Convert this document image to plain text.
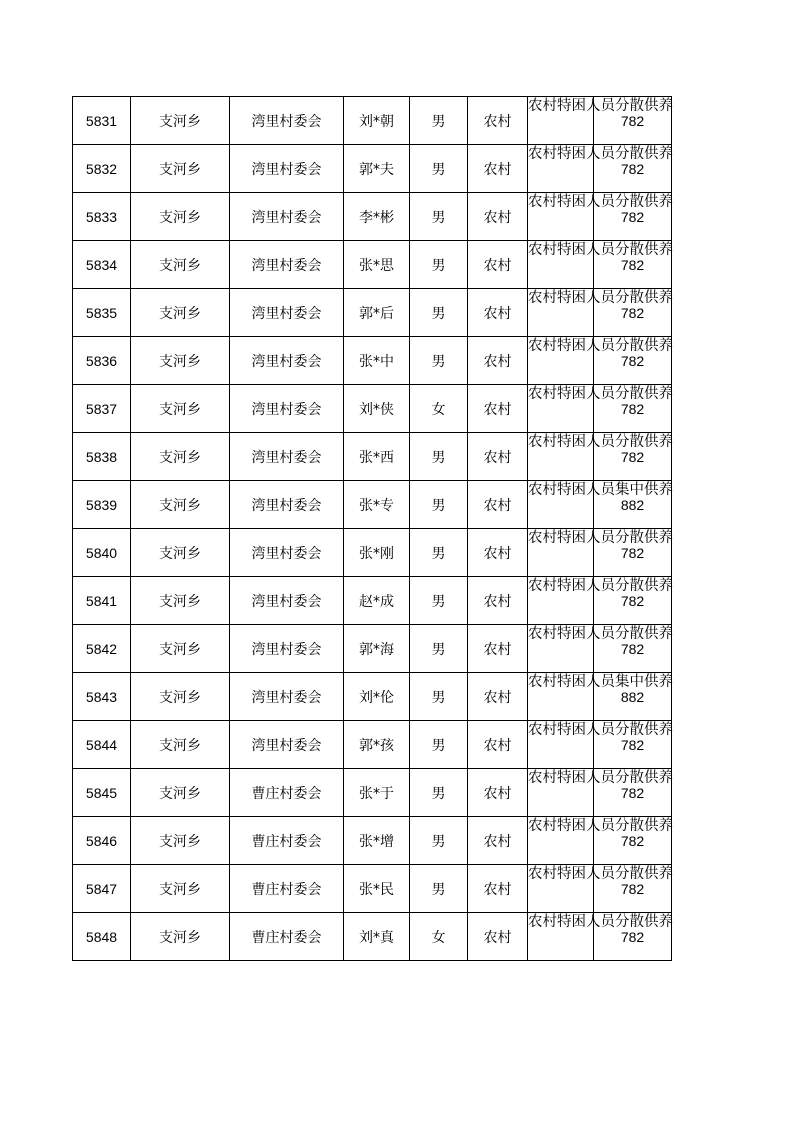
5831	支河乡	湾里村委会	刘*朝	男	农村	农村特困人员分散供养	782
5832	支河乡	湾里村委会	郭*夫	男	农村	农村特困人员分散供养	782
5833	支河乡	湾里村委会	李*彬	男	农村	农村特困人员分散供养	782
5834	支河乡	湾里村委会	张*思	男	农村	农村特困人员分散供养	782
5835	支河乡	湾里村委会	郭*后	男	农村	农村特困人员分散供养	782
5836	支河乡	湾里村委会	张*中	男	农村	农村特困人员分散供养	782
5837	支河乡	湾里村委会	刘*侠	女	农村	农村特困人员分散供养	782
5838	支河乡	湾里村委会	张*西	男	农村	农村特困人员分散供养	782
5839	支河乡	湾里村委会	张*专	男	农村	农村特困人员集中供养	882
5840	支河乡	湾里村委会	张*刚	男	农村	农村特困人员分散供养	782
5841	支河乡	湾里村委会	赵*成	男	农村	农村特困人员分散供养	782
5842	支河乡	湾里村委会	郭*海	男	农村	农村特困人员分散供养	782
5843	支河乡	湾里村委会	刘*伦	男	农村	农村特困人员集中供养	882
5844	支河乡	湾里村委会	郭*孩	男	农村	农村特困人员分散供养	782
5845	支河乡	曹庄村委会	张*于	男	农村	农村特困人员分散供养	782
5846	支河乡	曹庄村委会	张*增	男	农村	农村特困人员分散供养	782
5847	支河乡	曹庄村委会	张*民	男	农村	农村特困人员分散供养	782
5848	支河乡	曹庄村委会	刘*真	女	农村	农村特困人员分散供养	782
